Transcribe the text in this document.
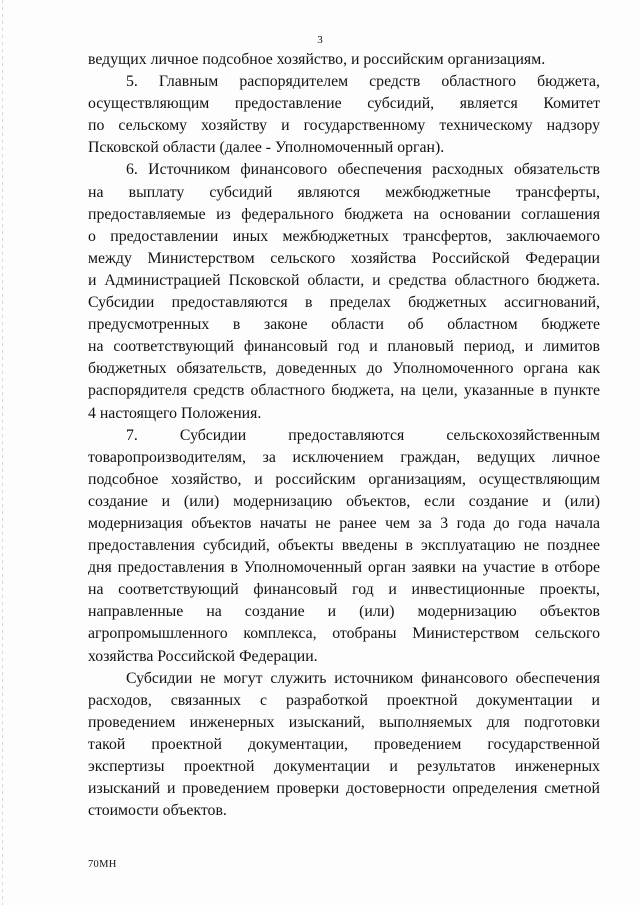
3
ведущих личное подсобное хозяйство, и российским организациям.
5. Главным распорядителем средств областного бюджета,
осуществляющим предоставление субсидий, является Комитет
по сельскому хозяйству и государственному техническому надзору
Псковской области (далее - Уполномоченный орган).
6. Источником финансового обеспечения расходных обязательств
на выплату субсидий являются межбюджетные трансферты,
предоставляемые из федерального бюджета на основании соглашения
о предоставлении иных межбюджетных трансфертов, заключаемого
между Министерством сельского хозяйства Российской Федерации
и Администрацией Псковской области, и средства областного бюджета.
Субсидии предоставляются в пределах бюджетных ассигнований,
предусмотренных в законе области об областном бюджете
на соответствующий финансовый год и плановый период, и лимитов
бюджетных обязательств, доведенных до Уполномоченного органа как
распорядителя средств областного бюджета, на цели, указанные в пункте
4 настоящего Положения.
7. Субсидии предоставляются сельскохозяйственным
товаропроизводителям, за исключением граждан, ведущих личное
подсобное хозяйство, и российским организациям, осуществляющим
создание и (или) модернизацию объектов, если создание и (или)
модернизация объектов начаты не ранее чем за 3 года до года начала
предоставления субсидий, объекты введены в эксплуатацию не позднее
дня предоставления в Уполномоченный орган заявки на участие в отборе
на соответствующий финансовый год и инвестиционные проекты,
направленные на создание и (или) модернизацию объектов
агропромышленного комплекса, отобраны Министерством сельского
хозяйства Российской Федерации.
Субсидии не могут служить источником финансового обеспечения
расходов, связанных с разработкой проектной документации и
проведением инженерных изысканий, выполняемых для подготовки
такой проектной документации, проведением государственной
экспертизы проектной документации и результатов инженерных
изысканий и проведением проверки достоверности определения сметной
стоимости объектов.
70МН
